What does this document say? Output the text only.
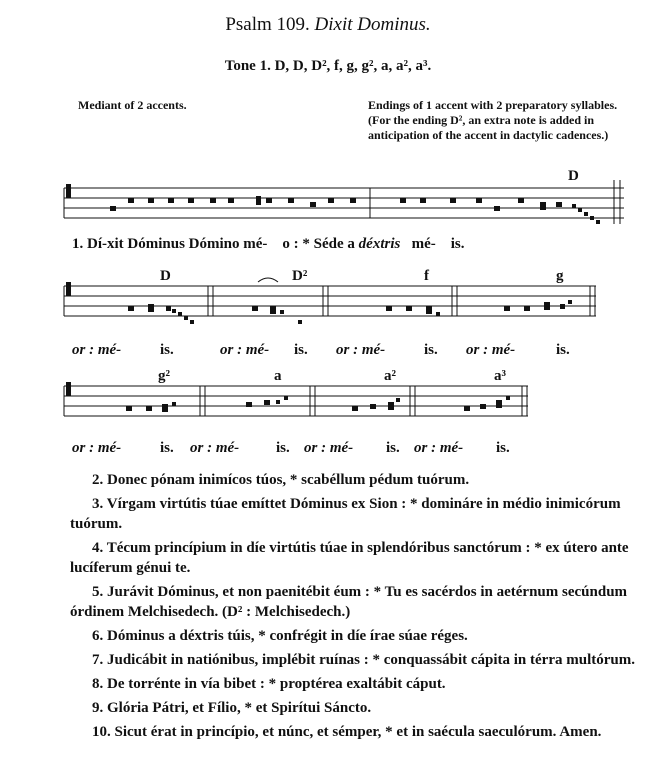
Psalm 109. Dixit Dominus.
Tone 1. D, D, D², f, g, g², a, a², a³.
Mediant of 2 accents.	Endings of 1 accent with 2 preparatory syllables. (For the ending D², an extra note is added in anticipation of the accent in dactylic cadences.)
D
1. Dí-xit Dóminus Dómino mé- o : * Séde a déxtris mé- is.
D	D²	f	g
or : mé-	is.	or : mé- is. or : mé-	is. or : mé-	is.
g²	a	a²	a³
or : mé-	is. or : mé- is. or : mé- is. or : mé- is.

2. Donec pónam inimícos túos, * scabéllum pédum tuórum.

3. Vírgam virtútis túae emíttet Dóminus ex Sion : * domináre in médio inimicórum tuórum.

4. Técum princípium in díe virtútis túae in splendóribus sanctórum : * ex útero ante lucíferum génui te.

5. Jurávit Dóminus, et non paenitébit éum : * Tu es sacérdos in aetérnum secúndum órdinem Melchisedech. (D² : Melchisedech.)

6. Dóminus a déxtris túis, * confrégit in díe írae súae réges.

7. Judicábit in natiónibus, implébit ruínas : * conquassábit cápita in térra multórum.

8. De torrénte in vía bibet : * proptérea exaltábit cáput.

9. Glória Pátri, et Fílio, * et Spirítui Sáncto.

10. Sicut érat in princípio, et núnc, et sémper, * et in saécula saeculórum. Amen.
